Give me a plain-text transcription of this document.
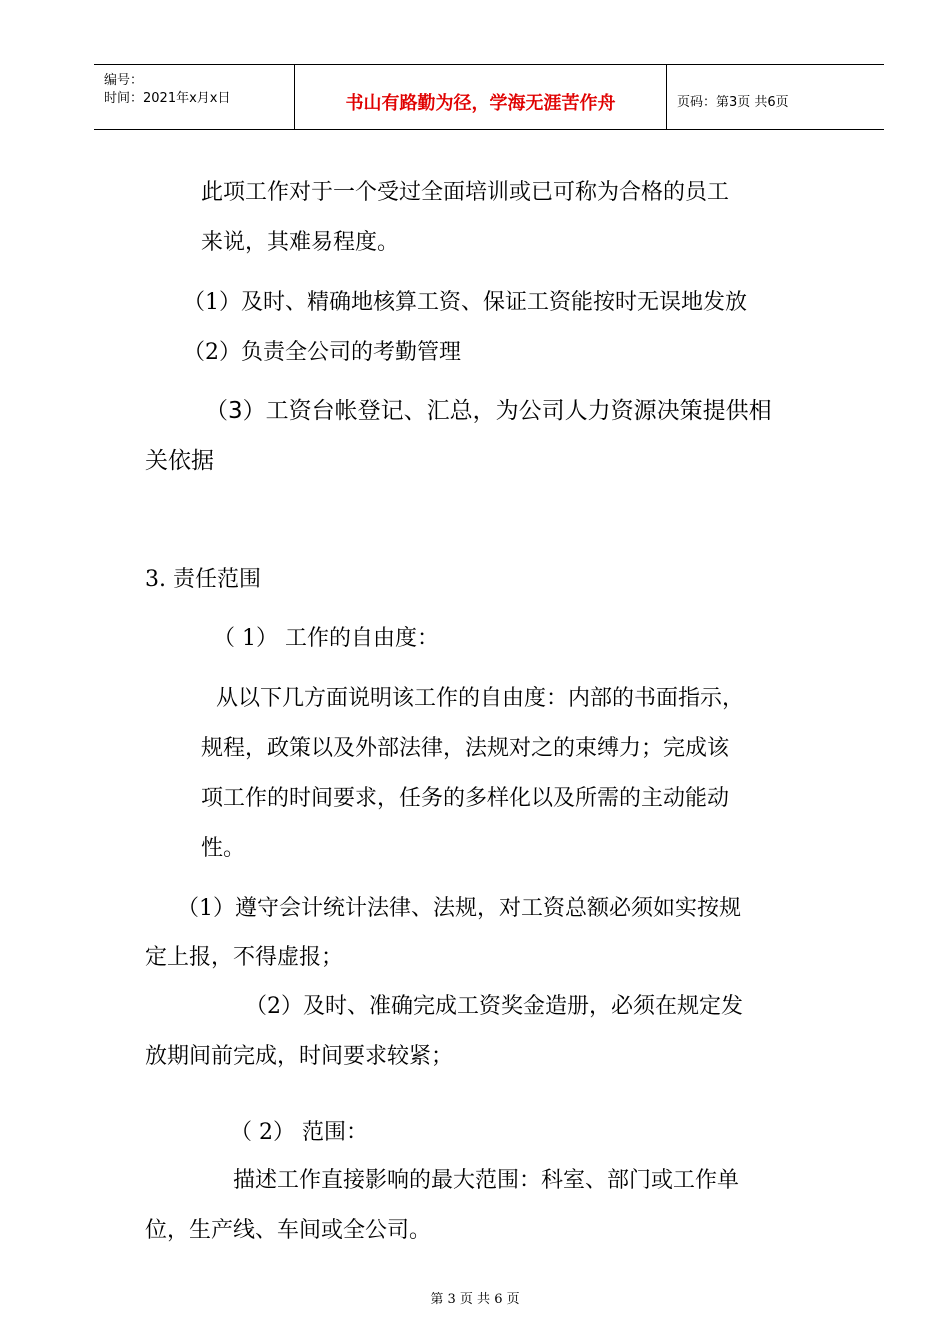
编号：
时间：2021年x月x日	书山有路勤为径，学海无涯苦作舟	页码：第3页 共6页
此项工作对于一个受过全面培训或已可称为合格的员工
来说，其难易程度。
（1）及时、精确地核算工资、保证工资能按时无误地发放
（2）负责全公司的考勤管理
（3）工资台帐登记、汇总，为公司人力资源决策提供相
关依据
3. 责任范围
（ 1） 工作的自由度：
从以下几方面说明该工作的自由度：内部的书面指示，
规程，政策以及外部法律，法规对之的束缚力；完成该
项工作的时间要求，任务的多样化以及所需的主动能动
性。
（1）遵守会计统计法律、法规，对工资总额必须如实按规
定上报，不得虚报；
（2）及时、准确完成工资奖金造册，必须在规定发
放期间前完成，时间要求较紧；
（ 2） 范围：
描述工作直接影响的最大范围：科室、部门或工作单
位，生产线、车间或全公司。
第 3 页 共 6 页
